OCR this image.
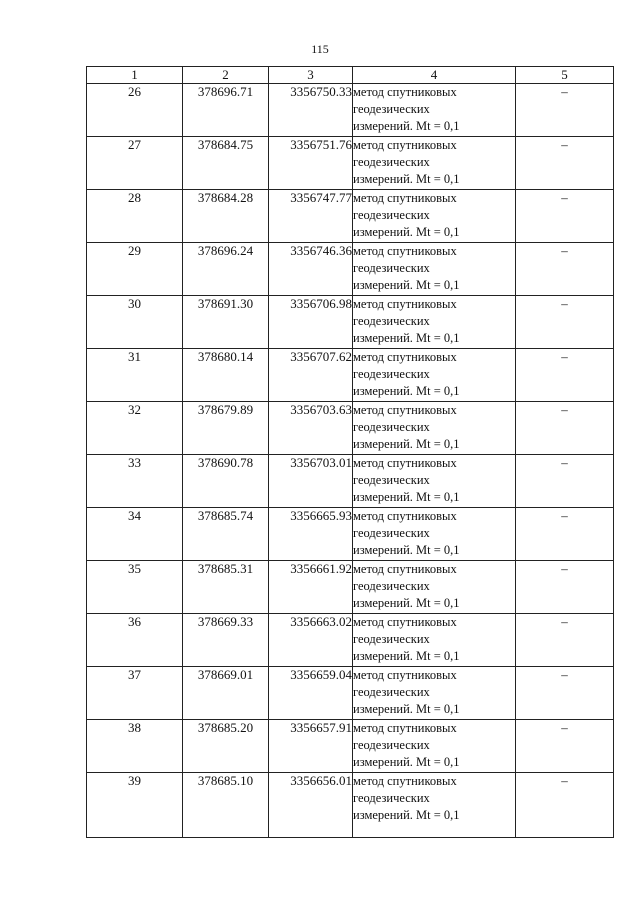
115
1	2	3	4	5
26	378696.71	3356750.33	метод спутниковых
геодезических
измерений. Mt = 0,1	–
27	378684.75	3356751.76	метод спутниковых
геодезических
измерений. Mt = 0,1	–
28	378684.28	3356747.77	метод спутниковых
геодезических
измерений. Mt = 0,1	–
29	378696.24	3356746.36	метод спутниковых
геодезических
измерений. Mt = 0,1	–
30	378691.30	3356706.98	метод спутниковых
геодезических
измерений. Mt = 0,1	–
31	378680.14	3356707.62	метод спутниковых
геодезических
измерений. Mt = 0,1	–
32	378679.89	3356703.63	метод спутниковых
геодезических
измерений. Mt = 0,1	–
33	378690.78	3356703.01	метод спутниковых
геодезических
измерений. Mt = 0,1	–
34	378685.74	3356665.93	метод спутниковых
геодезических
измерений. Mt = 0,1	–
35	378685.31	3356661.92	метод спутниковых
геодезических
измерений. Mt = 0,1	–
36	378669.33	3356663.02	метод спутниковых
геодезических
измерений. Mt = 0,1	–
37	378669.01	3356659.04	метод спутниковых
геодезических
измерений. Mt = 0,1	–
38	378685.20	3356657.91	метод спутниковых
геодезических
измерений. Mt = 0,1	–
39	378685.10	3356656.01	метод спутниковых
геодезических
измерений. Mt = 0,1	–
